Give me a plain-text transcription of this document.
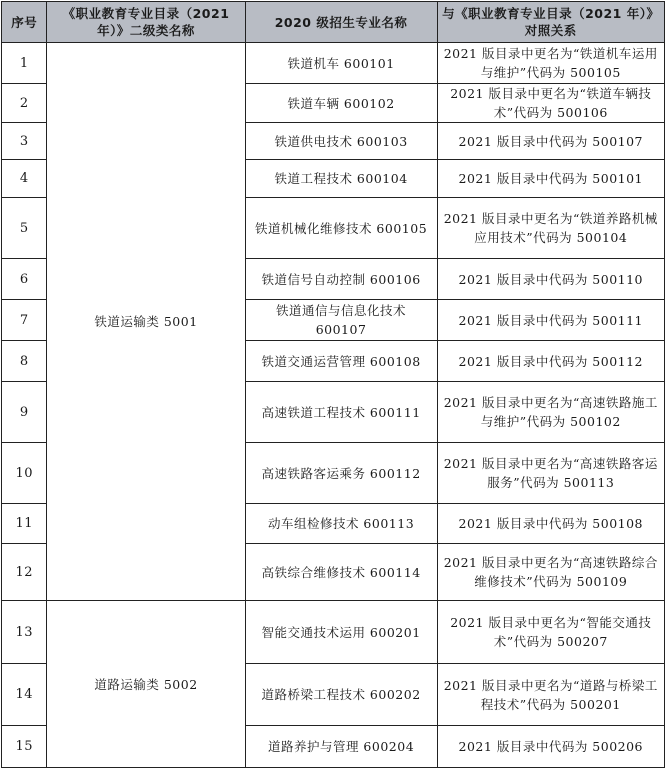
序号	《职业教育专业目录（2021 年）》二级类名称	2020 级招生专业名称	与《职业教育专业目录（2021 年）》对照关系
1	铁道运输类 5001	铁道机车 600101	2021 版目录中更名为“铁道机车运用与维护”代码为 500105
2		铁道车辆 600102	2021 版目录中更名为“铁道车辆技术”代码为 500106
3		铁道供电技术 600103	2021 版目录中代码为 500107
4		铁道工程技术 600104	2021 版目录中代码为 500101
5		铁道机械化维修技术 600105	2021 版目录中更名为“铁道养路机械应用技术”代码为 500104
6		铁道信号自动控制 600106	2021 版目录中代码为 500110
7		铁道通信与信息化技术 600107	2021 版目录中代码为 500111
8		铁道交通运营管理 600108	2021 版目录中代码为 500112
9		高速铁道工程技术 600111	2021 版目录中更名为“高速铁路施工与维护”代码为 500102
10		高速铁路客运乘务 600112	2021 版目录中更名为“高速铁路客运服务”代码为 500113
11		动车组检修技术 600113	2021 版目录中代码为 500108
12		高铁综合维修技术 600114	2021 版目录中更名为“高速铁路综合维修技术”代码为 500109
13	道路运输类 5002	智能交通技术运用 600201	2021 版目录中更名为“智能交通技术”代码为 500207
14		道路桥梁工程技术 600202	2021 版目录中更名为“道路与桥梁工程技术”代码为 500201
15		道路养护与管理 600204	2021 版目录中代码为 500206
